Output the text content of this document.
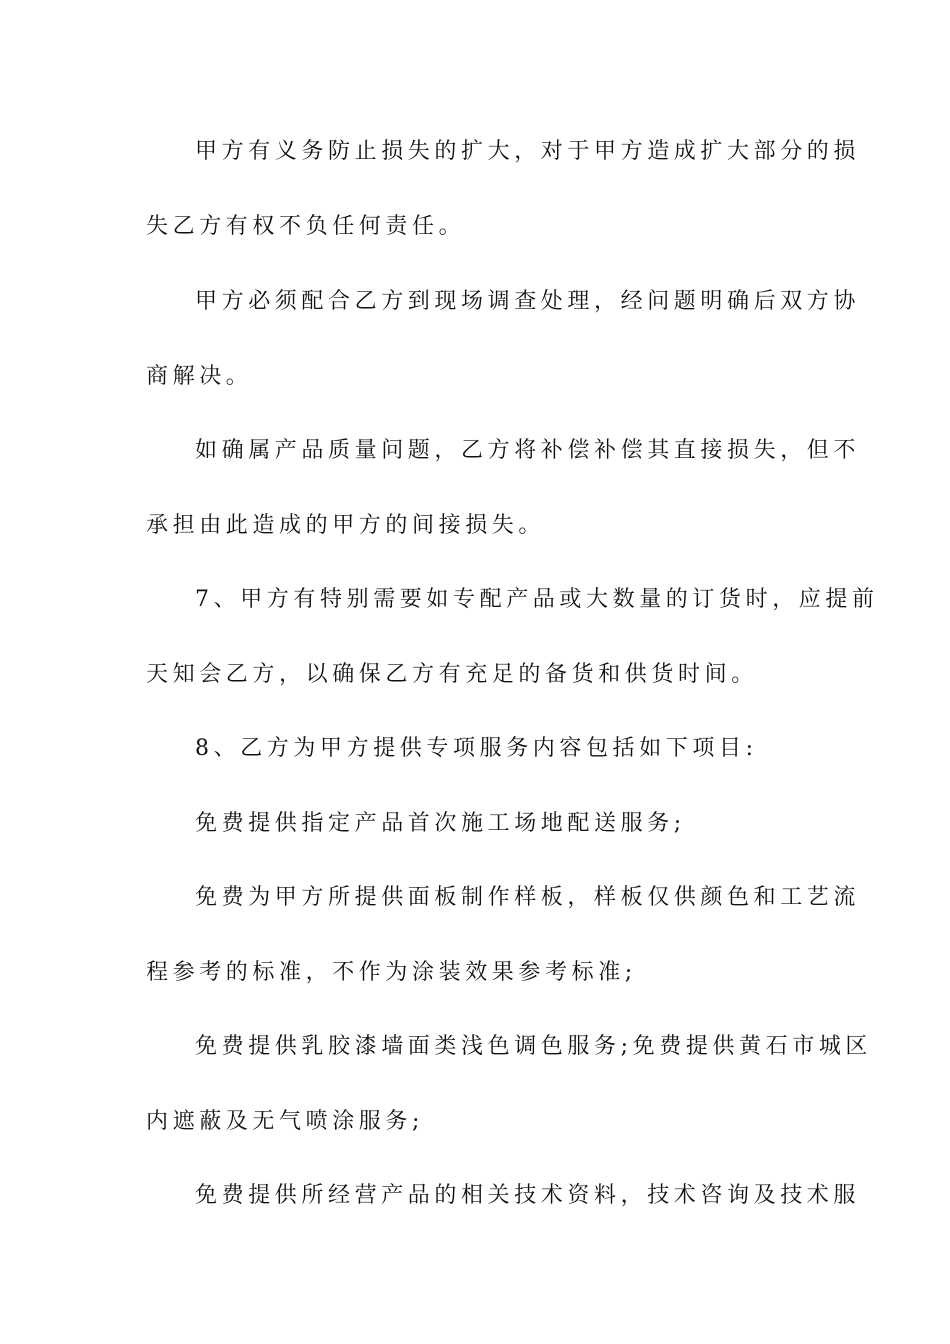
甲方有义务防止损失的扩大，对于甲方造成扩大部分的损
失乙方有权不负任何责任。
甲方必须配合乙方到现场调查处理，经问题明确后双方协
商解决。
如确属产品质量问题，乙方将补偿补偿其直接损失，但不
承担由此造成的甲方的间接损失。
7、甲方有特别需要如专配产品或大数量的订货时，应提前
天知会乙方，以确保乙方有充足的备货和供货时间。
8、乙方为甲方提供专项服务内容包括如下项目:
免费提供指定产品首次施工场地配送服务;
免费为甲方所提供面板制作样板，样板仅供颜色和工艺流
程参考的标准，不作为涂装效果参考标准;
免费提供乳胶漆墙面类浅色调色服务;免费提供黄石市城区
内遮蔽及无气喷涂服务;
免费提供所经营产品的相关技术资料，技术咨询及技术服
